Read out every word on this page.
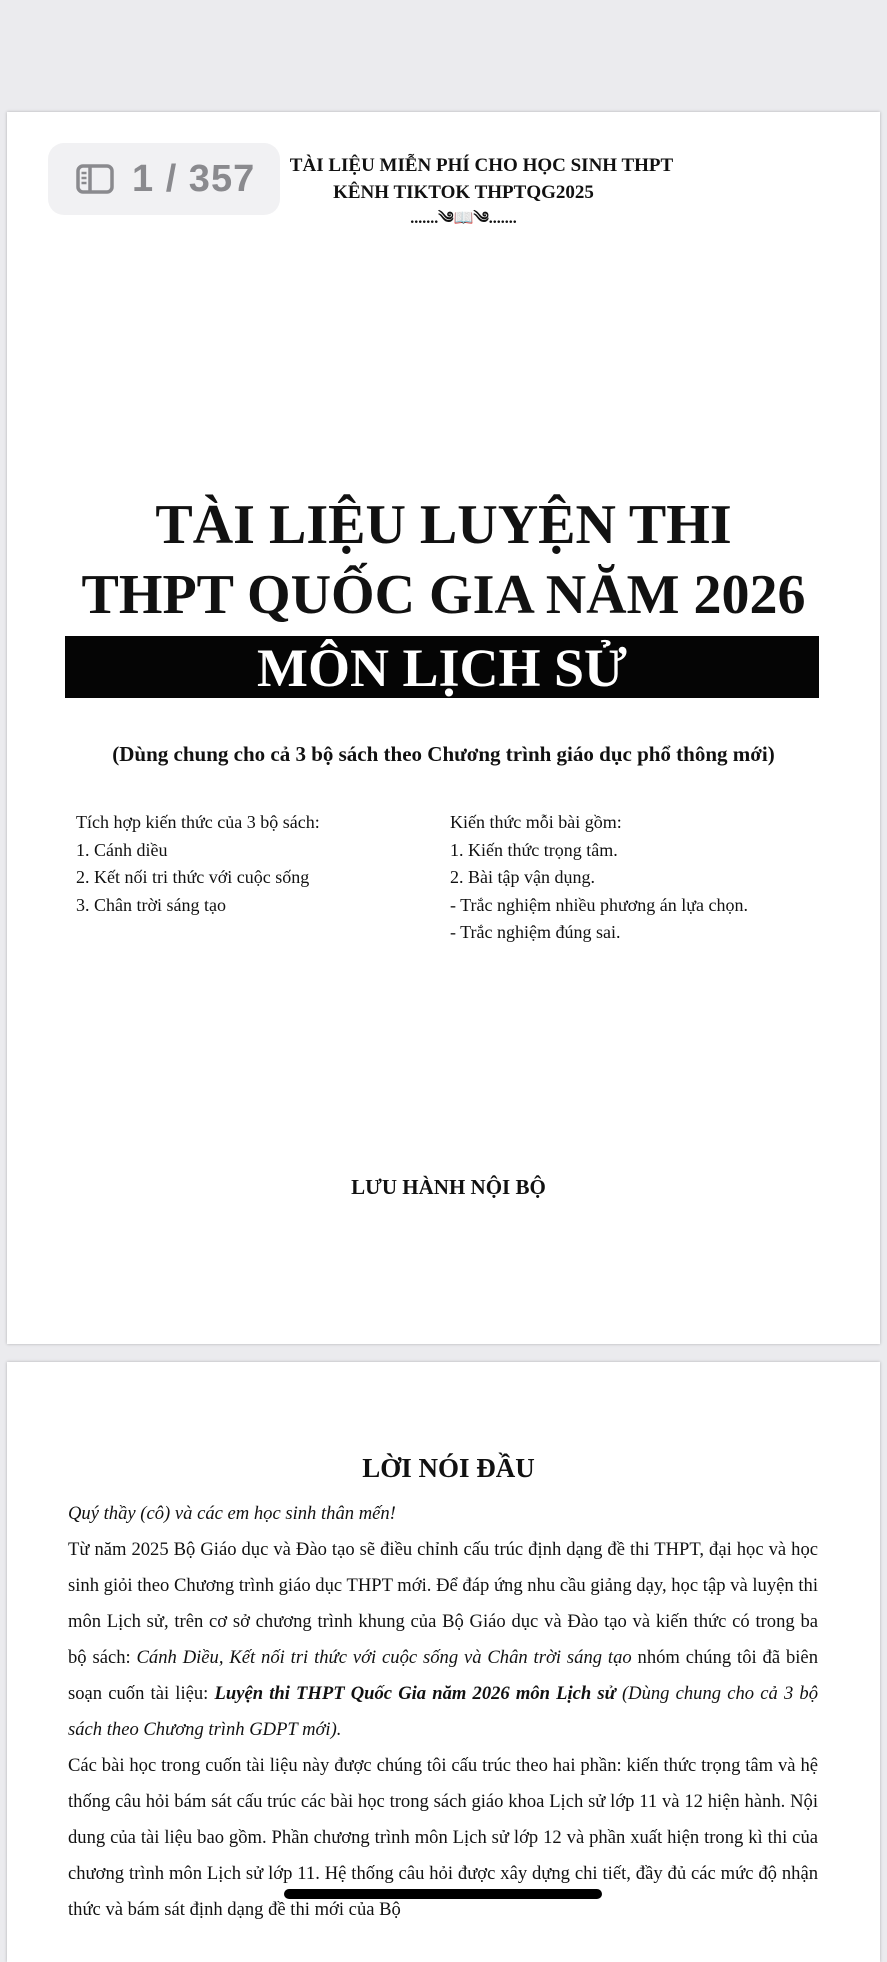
1 / 357	TÀI LIỆU MIỄN PHÍ CHO HỌC SINH THPT
KÊNH TIKTOK THPTQG2025
.......༄📖༄.......
TÀI LIỆU LUYỆN THI
THPT QUỐC GIA NĂM 2026
MÔN LỊCH SỬ
(Dùng chung cho cả 3 bộ sách theo Chương trình giáo dục phổ thông mới)
Tích hợp kiến thức của 3 bộ sách:
1. Cánh diều
2. Kết nối tri thức với cuộc sống
3. Chân trời sáng tạo
Kiến thức mỗi bài gồm:
1. Kiến thức trọng tâm.
2. Bài tập vận dụng.
- Trắc nghiệm nhiều phương án lựa chọn.
- Trắc nghiệm đúng sai.
LƯU HÀNH NỘI BỘ
LỜI NÓI ĐẦU

Quý thầy (cô) và các em học sinh thân mến!

Từ năm 2025 Bộ Giáo dục và Đào tạo sẽ điều chỉnh cấu trúc định dạng đề thi THPT, đại học và học sinh giỏi theo Chương trình giáo dục THPT mới. Để đáp ứng nhu cầu giảng dạy, học tập và luyện thi môn Lịch sử, trên cơ sở chương trình khung của Bộ Giáo dục và Đào tạo và kiến thức có trong ba bộ sách: Cánh Diều, Kết nối tri thức với cuộc sống và Chân trời sáng tạo nhóm chúng tôi đã biên soạn cuốn tài liệu: Luyện thi THPT Quốc Gia năm 2026 môn Lịch sử (Dùng chung cho cả 3 bộ sách theo Chương trình GDPT mới).

Các bài học trong cuốn tài liệu này được chúng tôi cấu trúc theo hai phần: kiến thức trọng tâm và hệ thống câu hỏi bám sát cấu trúc các bài học trong sách giáo khoa Lịch sử lớp 11 và 12 hiện hành. Nội dung của tài liệu bao gồm. Phần chương trình môn Lịch sử lớp 12 và phần xuất hiện trong kì thi của chương trình môn Lịch sử lớp 11. Hệ thống câu hỏi được xây dựng chi tiết, đầy đủ các mức độ nhận thức và bám sát định dạng đề thi mới của Bộ
